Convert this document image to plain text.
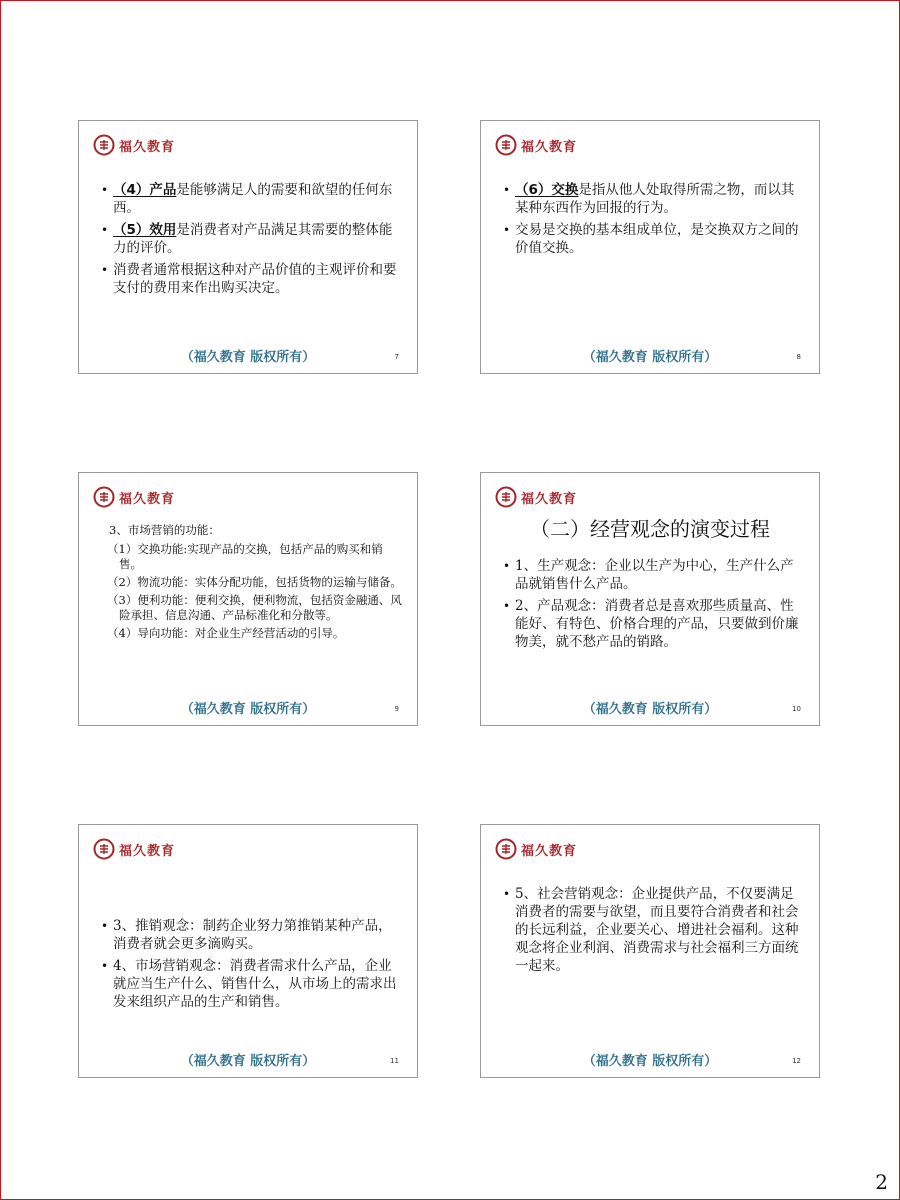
福久教育
• （4）产品是能够满足人的需要和欲望的任何东西。
• （5）效用是消费者对产品满足其需要的整体能力的评价。
• 消费者通常根据这种对产品价值的主观评价和要支付的费用来作出购买决定。
（福久教育 版权所有）	7
福久教育
• （6）交换是指从他人处取得所需之物，而以其某种东西作为回报的行为。
• 交易是交换的基本组成单位，是交换双方之间的价值交换。
（福久教育 版权所有）	8
福久教育
3、市场营销的功能：
（1）交换功能:实现产品的交换，包括产品的购买和销售。
（2）物流功能：实体分配功能，包括货物的运输与储备。
（3）便利功能：便利交换，便利物流，包括资金融通、风险承担、信息沟通、产品标准化和分散等。
（4）导向功能：对企业生产经营活动的引导。
（福久教育 版权所有）	9
福久教育
（二）经营观念的演变过程
• 1、生产观念：企业以生产为中心，生产什么产品就销售什么产品。
• 2、产品观念：消费者总是喜欢那些质量高、性能好、有特色、价格合理的产品，只要做到价廉物美，就不愁产品的销路。
（福久教育 版权所有）	10
福久教育
• 3、推销观念：制药企业努力第推销某种产品，消费者就会更多滴购买。
• 4、市场营销观念：消费者需求什么产品，企业就应当生产什么、销售什么，从市场上的需求出发来组织产品的生产和销售。
（福久教育 版权所有）	11
福久教育
• 5、社会营销观念：企业提供产品，不仅要满足消费者的需要与欲望，而且要符合消费者和社会的长远利益，企业要关心、增进社会福利。这种观念将企业利润、消费需求与社会福利三方面统一起来。
（福久教育 版权所有）	12
2
